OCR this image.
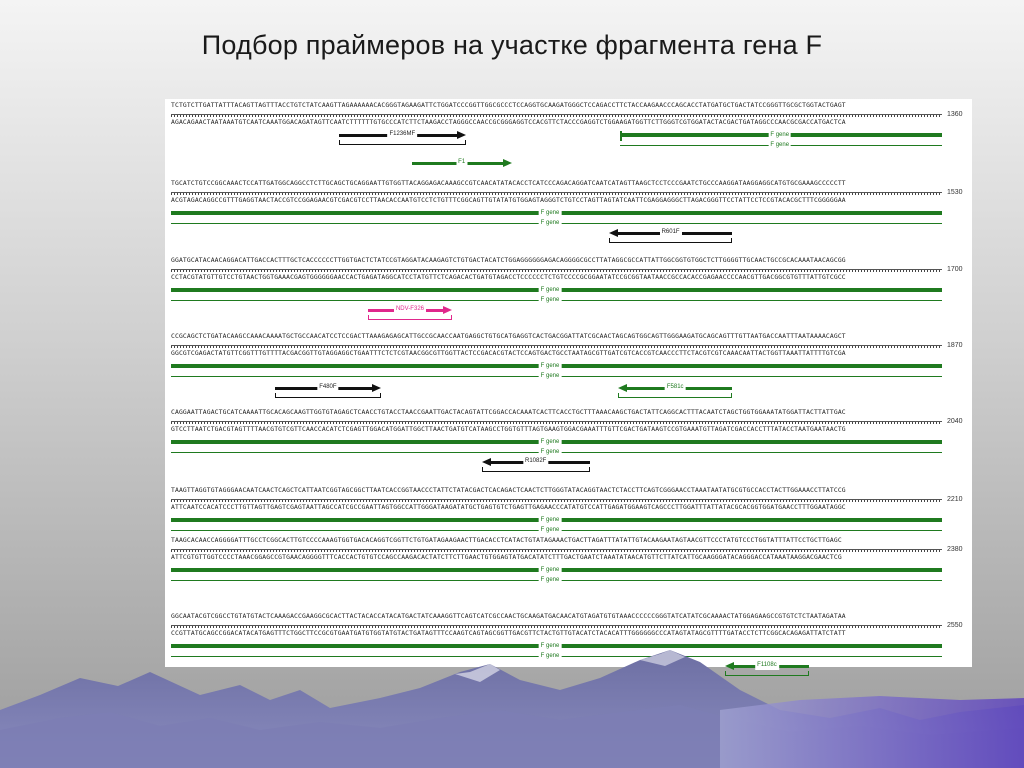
Подбор праймеров на участке фрагмента гена F
TCTGTCTTGATTATTTACAGTTAGTTTACCTGTCTATCAAGTTAGAAAAAACACGGGTAGAAGATTCTGGATCCCGGTTGGCGCCCTCCAGGTGCAAGATGGGCTCCAGACCTTCTACCAAGAACCCAGCACCTATGATGCTGACTATCCGGGTTGCGCTGGTACTGAGT
AGACAGAACTAATAAATGTCAATCAAATGGACAGATAGTTCAATCTTTTTTGTGCCCATCTTCTAAGACCTAGGGCCAACCGCGGGAGGTCCACGTTCTACCCGAGGTCTGGAAGATGGTTCTTGGGTCGTGGATACTACGACTGATAGGCCCAACGCGACCATGACTCA
1360
F gene
F gene
F1236MF
F1
TGCATCTGTCCGGCAAACTCCATTGATGGCAGGCCTCTTGCAGCTGCAGGAATTGTGGTTACAGGAGACAAAGCCGTCAACATATACACCTCATCCCAGACAGGATCAATCATAGTTAAGCTCCTCCCGAATCTGCCCAAGGATAAGGAGGCATGTGCGAAAGCCCCCTT
ACGTAGACAGGCCGTTTGAGGTAACTACCGTCCGGAGAACGTCGACGTCCTTAACACCAATGTCCTCTGTTTCGGCAGTTGTATATGTGGAGTAGGGTCTGTCCTAGTTAGTATCAATTCGAGGAGGGCTTAGACGGGTTCCTATTCCTCCGTACACGCTTTCGGGGGAA
1530
F gene
F gene
R601F
GGATGCATACAACAGGACATTGACCACTTTGCTCACCCCCCTTGGTGACTCTATCCGTAGGATACAAGAGTCTGTGACTACATCTGGAGGGGGGAGACAGGGGCGCCTTATAGGCGCCATTATTGGCGGTGTGGCTCTTGGGGTTGCAACTGCCGCACAAATAACAGCGG
CCTACGTATGTTGTCCTGTAACTGGTGAAACGAGTGGGGGGAACCACTGAGATAGGCATCCTATGTTCTCAGACACTGATGTAGACCTCCCCCCTCTGTCCCCGCGGAATATCCGCGGTAATAACCGCCACACCGAGAACCCCAACGTTGACGGCGTGTTTATTGTCGCC
1700
F gene
F gene
NDV-F326
CCGCAGCTCTGATACAAGCCAAACAAAATGCTGCCAACATCCTCCGACTTAAAGAGAGCATTGCCGCAACCAATGAGGCTGTGCATGAGGTCACTGACGGATTATCGCAACTAGCAGTGGCAGTTGGGAAGATGCAGCAGTTTGTTAATGACCAATTTAATAAAACAGCT
GGCGTCGAGACTATGTTCGGTTTGTTTTACGACGGTTGTAGGAGGCTGAATTTCTCTCGTAACGGCGTTGGTTACTCCGACACGTACTCCAGTGACTGCCTAATAGCGTTGATCGTCACCGTCAACCCTTCTACGTCGTCAAACAATTACTGGTTAAATTATTTTGTCGA
1870
F gene
F gene
F480F	F581c
CAGGAATTAGACTGCATCAAAATTGCACAGCAAGTTGGTGTAGAGCTCAACCTGTACCTAACCGAATTGACTACAGTATTCGGACCACAAATCACTTCACCTGCTTTAAACAAGCTGACTATTCAGGCACTTTACAATCTAGCTGGTGGAAATATGGATTACTTATTGAC
GTCCTTAATCTGACGTAGTTTTAACGTGTCGTTCAACCACATCTCGAGTTGGACATGGATTGGCTTAACTGATGTCATAAGCCTGGTGTTTAGTGAAGTGGACGAAATTTGTTCGACTGATAAGTCCGTGAAATGTTAGATCGACCACCTTTATACCTAATGAATAACTG
2040
F gene
F gene
R1082F
TAAGTTAGGTGTAGGGAACAATCAACTCAGCTCATTAATCGGTAGCGGCTTAATCACCGGTAACCCTATTCTATACGACTCACAGACTCAACTCTTGGGTATACAGGTAACTCTACCTTCAGTCGGGAACCTAAATAATATGCGTGCCACCTACTTGGAAACCTTATCCG
ATTCAATCCACATCCCTTGTTAGTTGAGTCGAGTAATTAGCCATCGCCGAATTAGTGGCCATTGGGATAAGATATGCTGAGTGTCTGAGTTGAGAACCCATATGTCCATTGAGATGGAAGTCAGCCCTTGGATTTATTATACGCACGGTGGATGAACCTTTGGAATAGGC
2210
F gene
F gene
TAAGCACAACCAGGGGATTTGCCTCGGCACTTGTCCCCAAAGTGGTGACACAGGTCGGTTCTGTGATAGAAGAACTTGACACCTCATACTGTATAGAAACTGACTTAGATTTATATTGTACAAGAATAGTAACGTTCCCTATGTCCCTGGTATTTATTCCTGCTTGAGC
ATTCGTGTTGGTCCCCTAAACGGAGCCGTGAACAGGGGTTTCACCACTGTGTCCAGCCAAGACACTATCTTCTTGAACTGTGGAGTATGACATATCTTTGACTGAATCTAAATATAACATGTTCTTATCATTGCAAGGGATACAGGGACCATAAATAAGGACGAACTCG
2380
F gene
F gene
GGCAATACGTCGGCCTGTATGTACTCAAAGACCGAAGGCGCACTTACTACACCATACATGACTATCAAAGGTTCAGTCATCGCCAACTGCAAGATGACAACATGTAGATGTGTAAACCCCCCGGGTATCATATCGCAAAACTATGGAGAAGCCGTGTCTCTAATAGATAA
CCGTTATGCAGCCGGACATACATGAGTTTCTGGCTTCCGCGTGAATGATGTGGTATGTACTGATAGTTTCCAAGTCAGTAGCGGTTGACGTTCTACTGTTGTACATCTACACATTTGGGGGGCCCATAGTATAGCGTTTTGATACCTCTTCGGCACAGAGATTATCTATT
2550
F gene
F gene
F1108c
